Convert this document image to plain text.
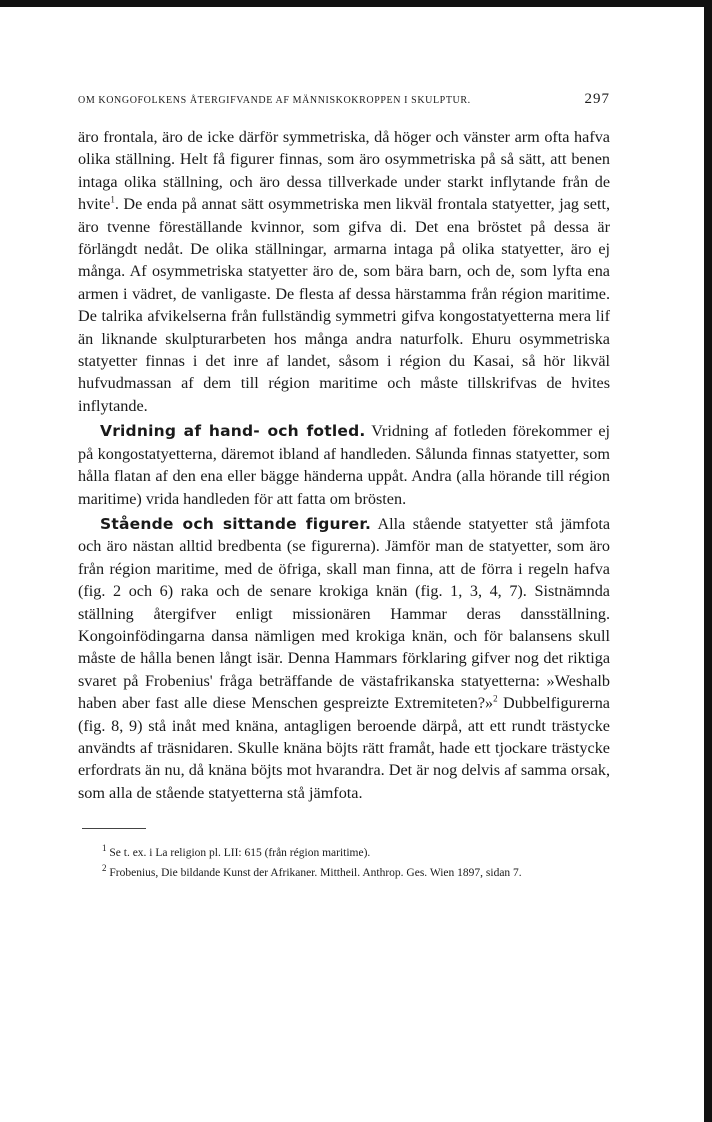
OM KONGOFOLKENS ÅTERGIFVANDE AF MÄNNISKOKROPPEN I SKULPTUR.	297

äro frontala, äro de icke därför symmetriska, då höger och vänster arm ofta hafva olika ställning. Helt få figurer finnas, som äro osymmetriska på så sätt, att benen intaga olika ställning, och äro dessa tillverkade under starkt inflytande från de hvite$^1$. De enda på annat sätt osymmetriska men likväl frontala statyetter, jag sett, äro tvenne föreställande kvinnor, som gifva di. Det ena bröstet på dessa är förlängdt nedåt. De olika ställningar, armarna intaga på olika statyetter, äro ej många. Af osymmetriska statyetter äro de, som bära barn, och de, som lyfta ena armen i vädret, de vanligaste. De flesta af dessa härstamma från région maritime. De talrika afvikelserna från fullständig symmetri gifva kongostatyetterna mera lif än liknande skulpturarbeten hos många andra naturfolk. Ehuru osymmetriska statyetter finnas i det inre af landet, såsom i région du Kasai, så hör likväl hufvudmassan af dem till région maritime och måste tillskrifvas de hvites inflytande.

Vridning af hand- och fotled. Vridning af fotleden förekommer ej på kongostatyetterna, däremot ibland af handleden. Sålunda finnas statyetter, som hålla flatan af den ena eller bägge händerna uppåt. Andra (alla hörande till région maritime) vrida handleden för att fatta om brösten.

Stående och sittande figurer. Alla stående statyetter stå jämfota och äro nästan alltid bredbenta (se figurerna). Jämför man de statyetter, som äro från région maritime, med de öfriga, skall man finna, att de förra i regeln hafva (fig. 2 och 6) raka och de senare krokiga knän (fig. 1, 3, 4, 7). Sistnämnda ställning återgifver enligt missionären Hammar deras dansställning. Kongoinfödingarna dansa nämligen med krokiga knän, och för balansens skull måste de hålla benen långt isär. Denna Hammars förklaring gifver nog det riktiga svaret på Frobenius' fråga beträffande de västafrikanska statyetterna: »Weshalb haben aber fast alle diese Menschen gespreizte Extremiteten?»$^2$ Dubbelfigurerna (fig. 8, 9) stå inåt med knäna, antagligen beroende därpå, att ett rundt trästycke användts af träsnidaren. Skulle knäna böjts rätt framåt, hade ett tjockare trästycke erfordrats än nu, då knäna böjts mot hvarandra. Det är nog delvis af samma orsak, som alla de stående statyetterna stå jämfota.

$^1$ Se t. ex. i La religion pl. LII: 615 (från région maritime).

$^2$ Frobenius, Die bildande Kunst der Afrikaner. Mittheil. Anthrop. Ges. Wien 1897, sidan 7.
